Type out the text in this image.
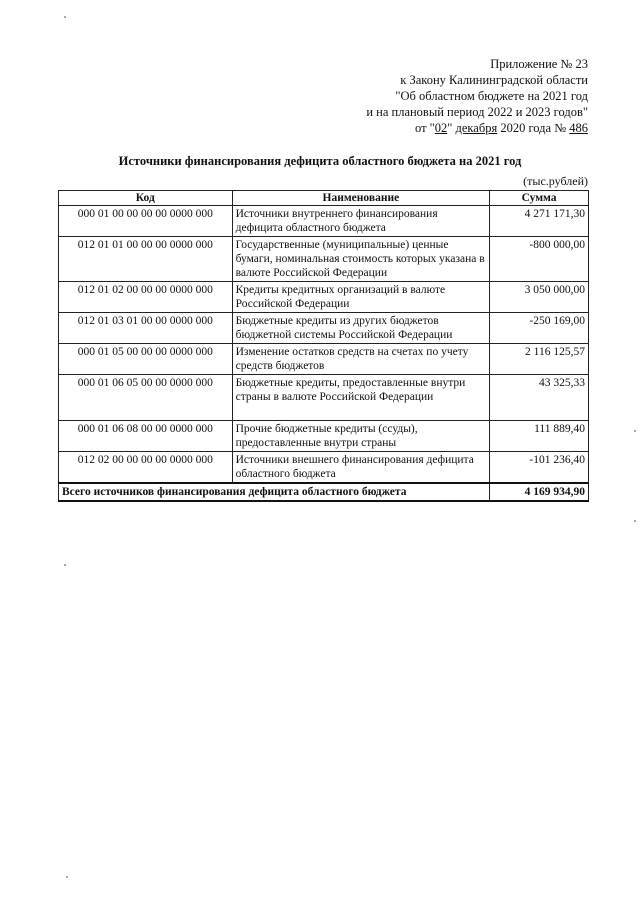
Приложение № 23
к Закону Калининградской области
"Об областном бюджете на 2021 год
и на плановый период 2022 и 2023 годов"
от "02" декабря 2020 года № 486
Источники финансирования дефицита областного бюджета на 2021 год
(тыс.рублей)
Код	Наименование	Сумма
000 01 00 00 00 00 0000 000	Источники внутреннего финансирования дефицита областного бюджета	4 271 171,30
012 01 01 00 00 00 0000 000	Государственные (муниципальные) ценные бумаги, номинальная стоимость которых указана в валюте Российской Федерации	-800 000,00
012 01 02 00 00 00 0000 000	Кредиты кредитных организаций в валюте Российской Федерации	3 050 000,00
012 01 03 01 00 00 0000 000	Бюджетные кредиты из других бюджетов бюджетной системы Российской Федерации	-250 169,00
000 01 05 00 00 00 0000 000	Изменение остатков средств на счетах по учету средств бюджетов	2 116 125,57
000 01 06 05 00 00 0000 000	Бюджетные кредиты, предоставленные внутри страны в валюте Российской Федерации	43 325,33
000 01 06 08 00 00 0000 000	Прочие бюджетные кредиты (ссуды), предоставленные внутри страны	111 889,40
012 02 00 00 00 00 0000 000	Источники внешнего финансирования дефицита областного бюджета	-101 236,40
Всего источников финансирования дефицита областного бюджета		4 169 934,90
